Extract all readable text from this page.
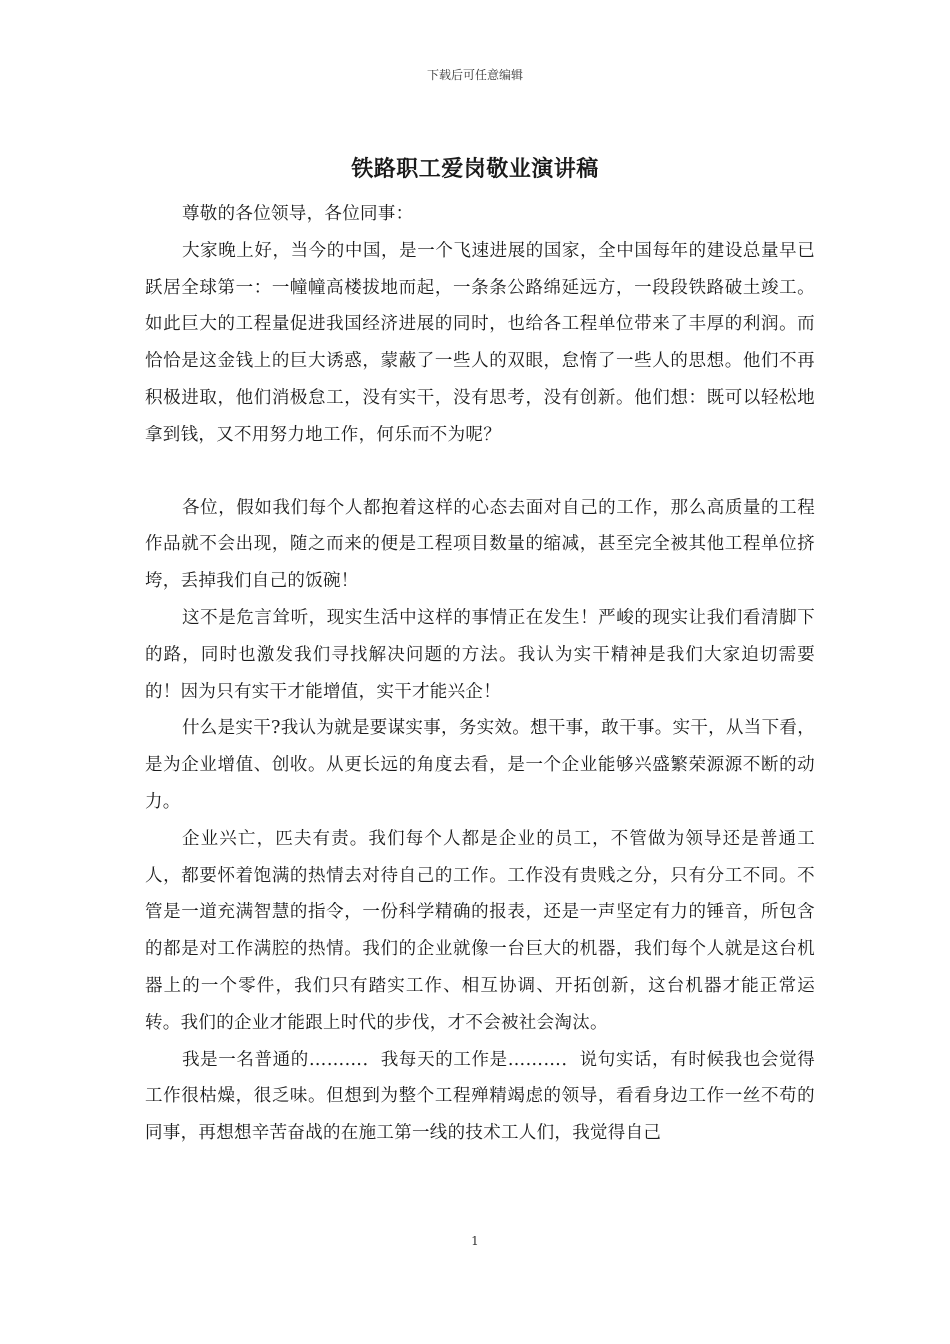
下载后可任意编辑
铁路职工爱岗敬业演讲稿

尊敬的各位领导，各位同事：

大家晚上好，当今的中国，是一个飞速进展的国家，全中国每年的建设总量早已跃居全球第一：一幢幢高楼拔地而起，一条条公路绵延远方，一段段铁路破土竣工。如此巨大的工程量促进我国经济进展的同时，也给各工程单位带来了丰厚的利润。而恰恰是这金钱上的巨大诱惑，蒙蔽了一些人的双眼，怠惰了一些人的思想。他们不再积极进取，他们消极怠工，没有实干，没有思考，没有创新。他们想：既可以轻松地拿到钱，又不用努力地工作，何乐而不为呢？

各位，假如我们每个人都抱着这样的心态去面对自己的工作，那么高质量的工程作品就不会出现，随之而来的便是工程项目数量的缩减，甚至完全被其他工程单位挤垮，丢掉我们自己的饭碗！

这不是危言耸听，现实生活中这样的事情正在发生！严峻的现实让我们看清脚下的路，同时也激发我们寻找解决问题的方法。我认为实干精神是我们大家迫切需要的！因为只有实干才能增值，实干才能兴企！

什么是实干?我认为就是要谋实事，务实效。想干事，敢干事。实干，从当下看，是为企业增值、创收。从更长远的角度去看，是一个企业能够兴盛繁荣源源不断的动力。

企业兴亡，匹夫有责。我们每个人都是企业的员工，不管做为领导还是普通工人，都要怀着饱满的热情去对待自己的工作。工作没有贵贱之分，只有分工不同。不管是一道充满智慧的指令，一份科学精确的报表，还是一声坚定有力的锤音，所包含的都是对工作满腔的热情。我们的企业就像一台巨大的机器，我们每个人就是这台机器上的一个零件，我们只有踏实工作、相互协调、开拓创新，这台机器才能正常运转。我们的企业才能跟上时代的步伐，才不会被社会淘汰。

我是一名普通的………．我每天的工作是………．说句实话，有时候我也会觉得工作很枯燥，很乏味。但想到为整个工程殚精竭虑的领导，看看身边工作一丝不苟的同事，再想想辛苦奋战的在施工第一线的技术工人们，我觉得自己

1
